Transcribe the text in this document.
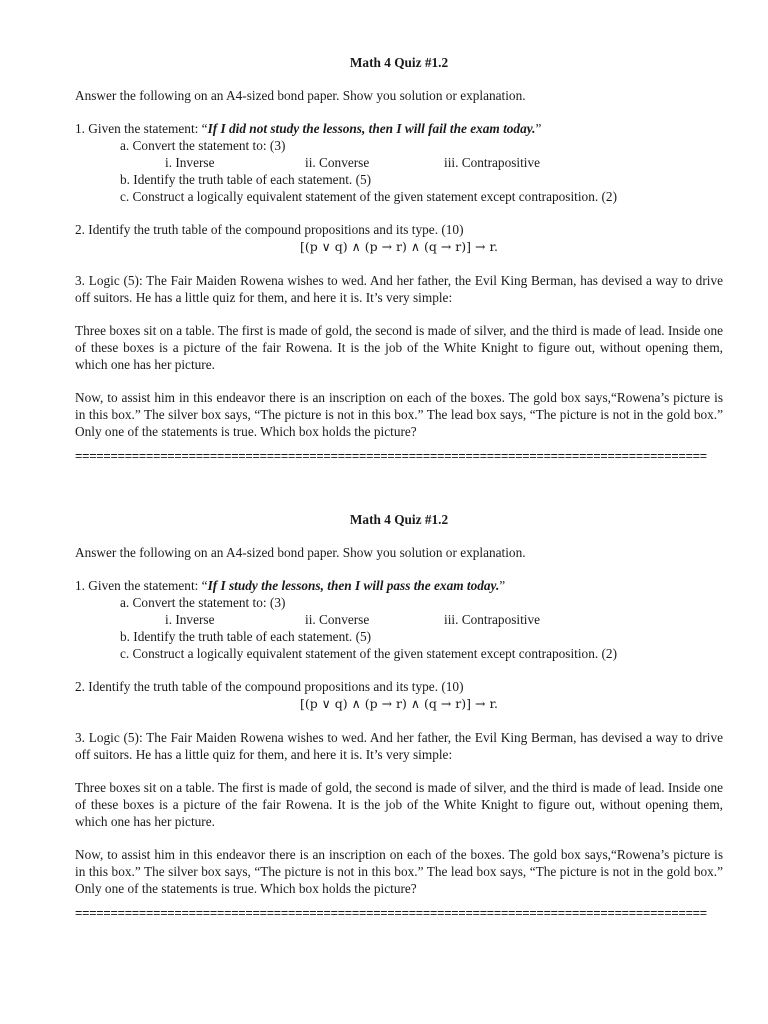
Math 4 Quiz #1.2

Answer the following on an A4-sized bond paper. Show you solution or explanation.

1. Given the statement: “If I did not study the lessons, then I will fail the exam today.”

a. Convert the statement to: (3)

i. Inverse	ii. Converse	iii. Contrapositive

b. Identify the truth table of each statement. (5)

c. Construct a logically equivalent statement of the given statement except contraposition. (2)

2. Identify the truth table of the compound propositions and its type. (10)

[(p ∨ q) ∧ (p → r) ∧ (q → r)] → r.

3. Logic (5): The Fair Maiden Rowena wishes to wed. And her father, the Evil King Berman, has devised a way to drive off suitors. He has a little quiz for them, and here it is. It’s very simple:

Three boxes sit on a table. The first is made of gold, the second is made of silver, and the third is made of lead. Inside one of these boxes is a picture of the fair Rowena. It is the job of the White Knight to figure out, without opening them, which one has her picture.

Now, to assist him in this endeavor there is an inscription on each of the boxes. The gold box says,“Rowena’s picture is in this box.” The silver box says, “The picture is not in this box.” The lead box says, “The picture is not in the gold box.” Only one of the statements is true. Which box holds the picture?

=========================================================================================

Math 4 Quiz #1.2

Answer the following on an A4-sized bond paper. Show you solution or explanation.

1. Given the statement: “If I study the lessons, then I will pass the exam today.”

a. Convert the statement to: (3)

i. Inverse	ii. Converse	iii. Contrapositive

b. Identify the truth table of each statement. (5)

c. Construct a logically equivalent statement of the given statement except contraposition. (2)

2. Identify the truth table of the compound propositions and its type. (10)

[(p ∨ q) ∧ (p → r) ∧ (q → r)] → r.

3. Logic (5): The Fair Maiden Rowena wishes to wed. And her father, the Evil King Berman, has devised a way to drive off suitors. He has a little quiz for them, and here it is. It’s very simple:

Three boxes sit on a table. The first is made of gold, the second is made of silver, and the third is made of lead. Inside one of these boxes is a picture of the fair Rowena. It is the job of the White Knight to figure out, without opening them, which one has her picture.

Now, to assist him in this endeavor there is an inscription on each of the boxes. The gold box says,“Rowena’s picture is in this box.” The silver box says, “The picture is not in this box.” The lead box says, “The picture is not in the gold box.” Only one of the statements is true. Which box holds the picture?

=========================================================================================
